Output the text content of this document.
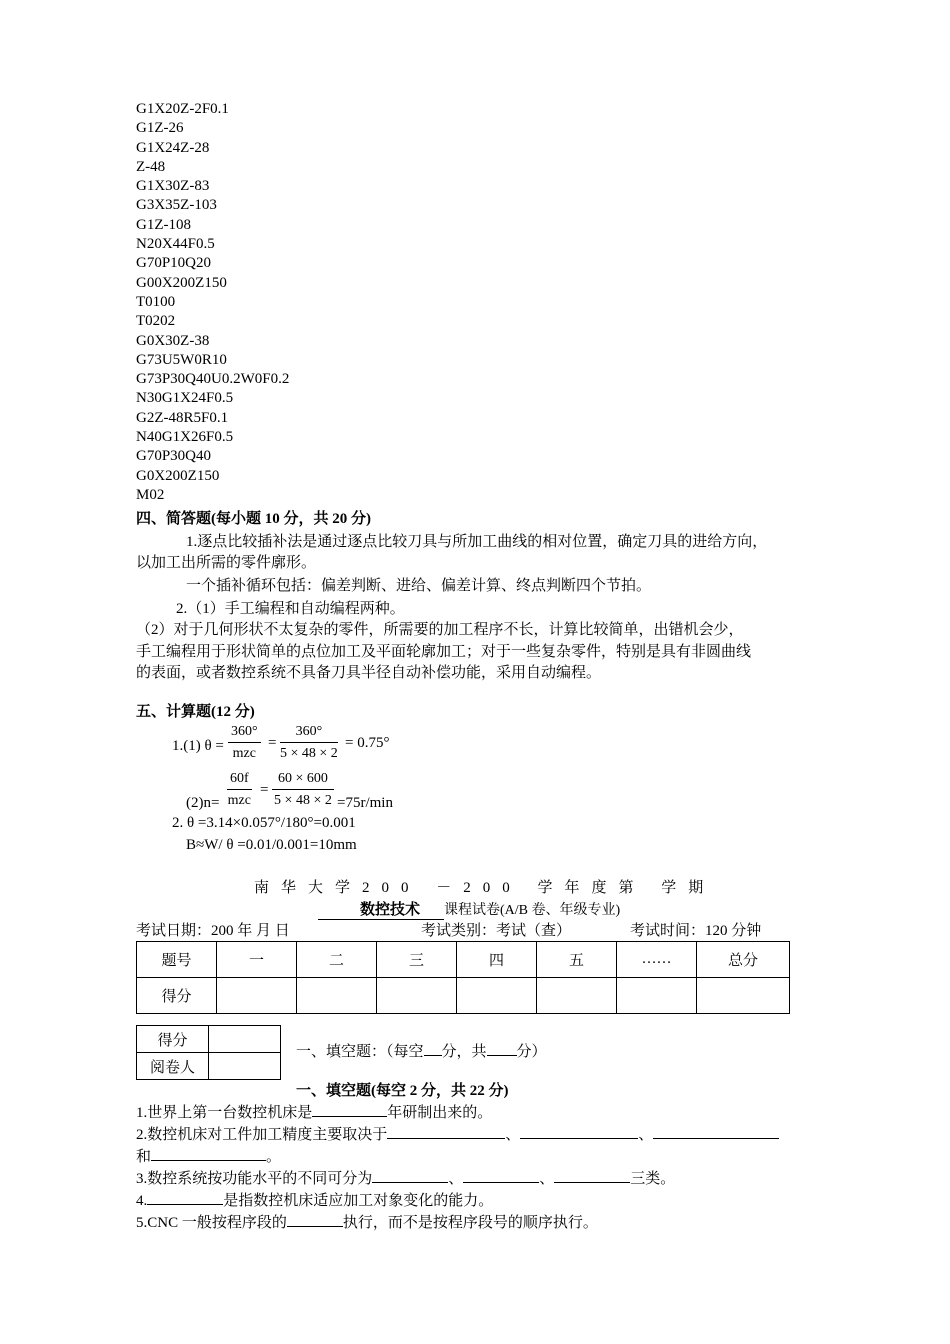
G1X20Z-2F0.1
G1Z-26
G1X24Z-28
Z-48
G1X30Z-83
G3X35Z-103
G1Z-108
N20X44F0.5
G70P10Q20
G00X200Z150
T0100
T0202
G0X30Z-38
G73U5W0R10
G73P30Q40U0.2W0F0.2
N30G1X24F0.5
G2Z-48R5F0.1
N40G1X26F0.5
G70P30Q40
G0X200Z150
M02
四、简答题(每小题 10 分，共 20 分)
1.逐点比较插补法是通过逐点比较刀具与所加工曲线的相对位置，确定刀具的进给方向，
以加工出所需的零件廓形。
一个插补循环包括：偏差判断、进给、偏差计算、终点判断四个节拍。
2.（1）手工编程和自动编程两种。
（2）对于几何形状不太复杂的零件，所需要的加工程序不长，计算比较简单，出错机会少，
手工编程用于形状简单的点位加工及平面轮廓加工；对于一些复杂零件，特别是具有非圆曲线
的表面，或者数控系统不具备刀具半径自动补偿功能，采用自动编程。
五、计算题(12 分)
1.(1) θ =
360°
mzc
= $\frac{360^\circ}{5 \times 48 \times 2} = 0.75^\circ$
(2)n=
60f
mzc
= $\frac{60 \times 600}{5 \times 48 \times 2} =75r/\min$
2. θ =3.14×0.057°/180°=0.001
B≈W/ θ =0.01/0.001=10mm
南华大学200 －200 学年度第 学期
数控技术 课程试卷(A/B 卷、年级专业)
考试日期：200 年 月 日	考试类别：考试（查）	考试时间：120 分钟
题号	一	二	三	四	五	……	总分
得分							
得分	
阅卷人	
一、填空题：（每空 分，共 分）
一、填空题(每空 2 分，共 22 分)
1.世界上第一台数控机床是	年研制出来的。
2.数控机床对工件加工精度主要取决于	、	、
和	。
3.数控系统按功能水平的不同可分为	、	、	三类。
4.	是指数控机床适应加工对象变化的能力。
5.CNC 一般按程序段的	执行，而不是按程序段号的顺序执行。
